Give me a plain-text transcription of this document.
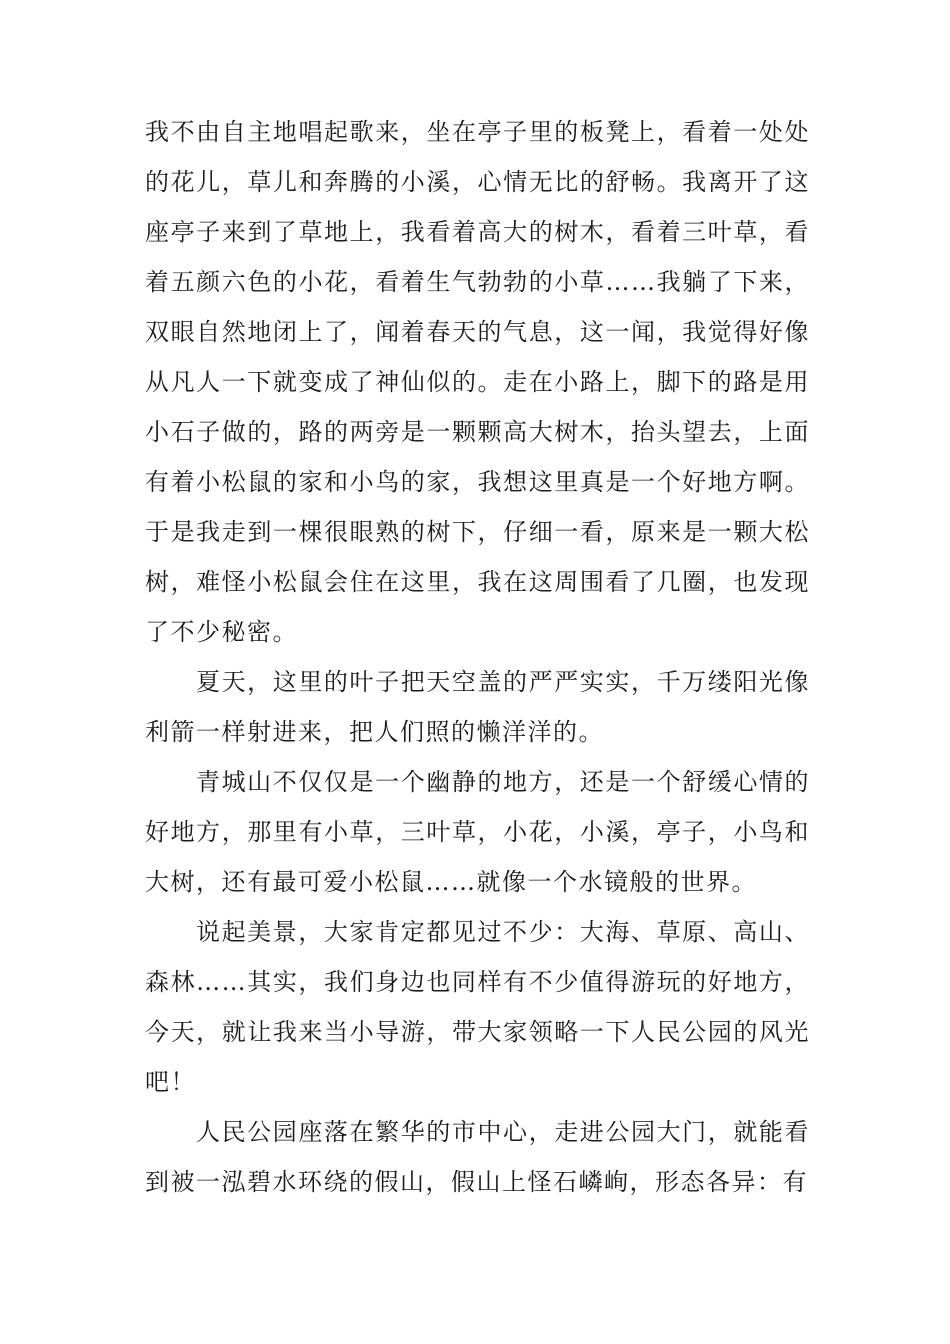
我不由自主地唱起歌来，坐在亭子里的板凳上，看着一处处的花儿，草儿和奔腾的小溪，心情无比的舒畅。我离开了这座亭子来到了草地上，我看着高大的树木，看着三叶草，看着五颜六色的小花，看着生气勃勃的小草……我躺了下来，双眼自然地闭上了，闻着春天的气息，这一闻，我觉得好像从凡人一下就变成了神仙似的。走在小路上，脚下的路是用小石子做的，路的两旁是一颗颗高大树木，抬头望去，上面有着小松鼠的家和小鸟的家，我想这里真是一个好地方啊。于是我走到一棵很眼熟的树下，仔细一看，原来是一颗大松树，难怪小松鼠会住在这里，我在这周围看了几圈，也发现了不少秘密。

夏天，这里的叶子把天空盖的严严实实，千万缕阳光像利箭一样射进来，把人们照的懒洋洋的。

青城山不仅仅是一个幽静的地方，还是一个舒缓心情的好地方，那里有小草，三叶草，小花，小溪，亭子，小鸟和大树，还有最可爱小松鼠……就像一个水镜般的世界。

说起美景，大家肯定都见过不少：大海、草原、高山、森林……其实，我们身边也同样有不少值得游玩的好地方，今天，就让我来当小导游，带大家领略一下人民公园的风光吧！

人民公园座落在繁华的市中心，走进公园大门，就能看到被一泓碧水环绕的假山，假山上怪石嶙峋，形态各异：有
